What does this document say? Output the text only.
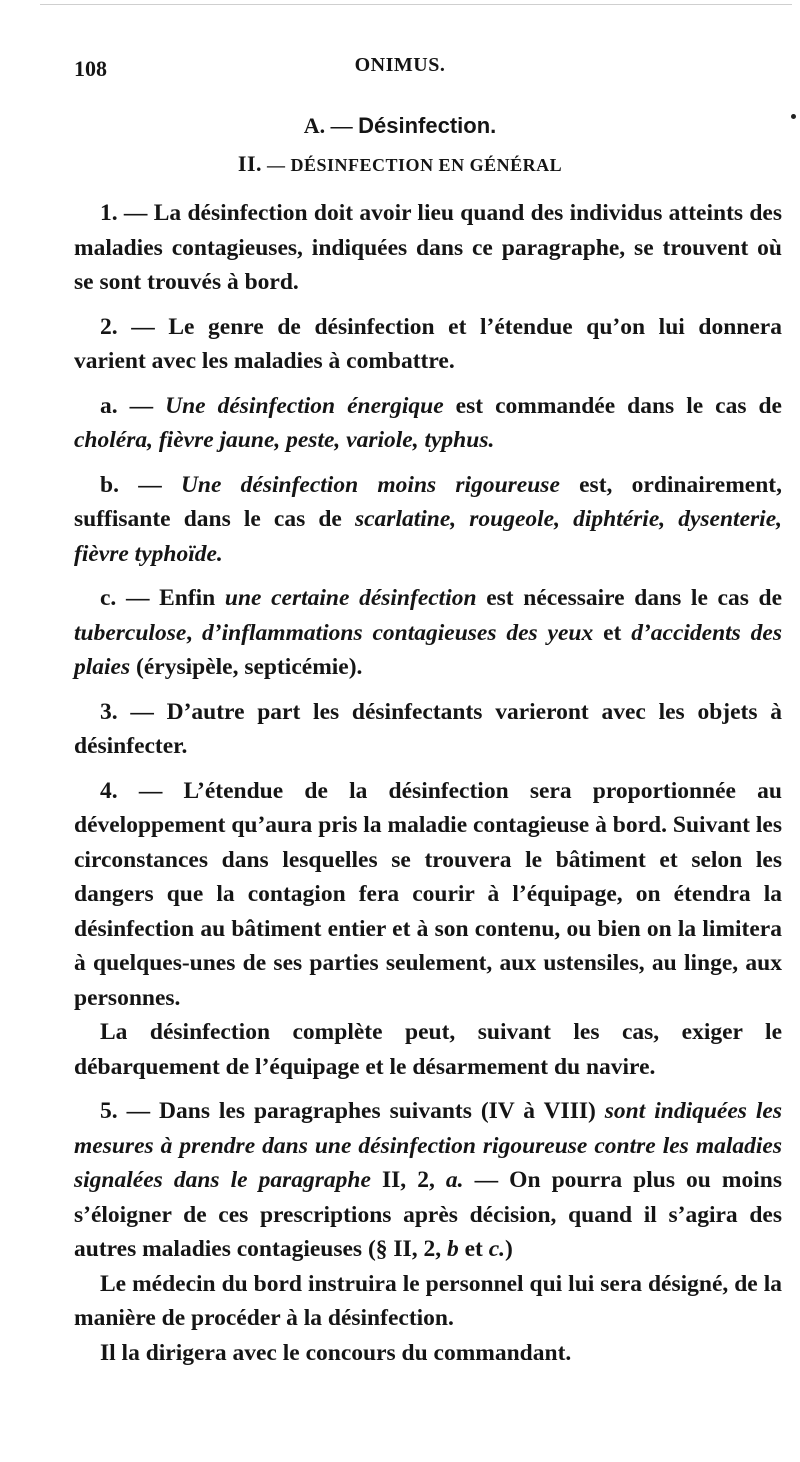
108	ONIMUS.
A. — Désinfection.
II. — DÉSINFECTION EN GÉNÉRAL

1. — La désinfection doit avoir lieu quand des individus atteints des maladies contagieuses, indiquées dans ce paragraphe, se trouvent où se sont trouvés à bord.

2. — Le genre de désinfection et l’étendue qu’on lui donnera varient avec les maladies à combattre.

a. — Une désinfection énergique est commandée dans le cas de choléra, fièvre jaune, peste, variole, typhus.

b. — Une désinfection moins rigoureuse est, ordinairement, suffisante dans le cas de scarlatine, rougeole, diphtérie, dysenterie, fièvre typhoïde.

c. — Enfin une certaine désinfection est nécessaire dans le cas de tuberculose, d’inflammations contagieuses des yeux et d’accidents des plaies (érysipèle, septicémie).

3. — D’autre part les désinfectants varieront avec les objets à désinfecter.

4. — L’étendue de la désinfection sera proportionnée au développement qu’aura pris la maladie contagieuse à bord. Suivant les circonstances dans lesquelles se trouvera le bâtiment et selon les dangers que la contagion fera courir à l’équipage, on étendra la désinfection au bâtiment entier et à son contenu, ou bien on la limitera à quelques-unes de ses parties seulement, aux ustensiles, au linge, aux personnes.

La désinfection complète peut, suivant les cas, exiger le débarquement de l’équipage et le désarmement du navire.

5. — Dans les paragraphes suivants (IV à VIII) sont indiquées les mesures à prendre dans une désinfection rigoureuse contre les maladies signalées dans le paragraphe II, 2, a. — On pourra plus ou moins s’éloigner de ces prescriptions après décision, quand il s’agira des autres maladies contagieuses (§ II, 2, b et c.)

Le médecin du bord instruira le personnel qui lui sera désigné, de la manière de procéder à la désinfection.

Il la dirigera avec le concours du commandant.
